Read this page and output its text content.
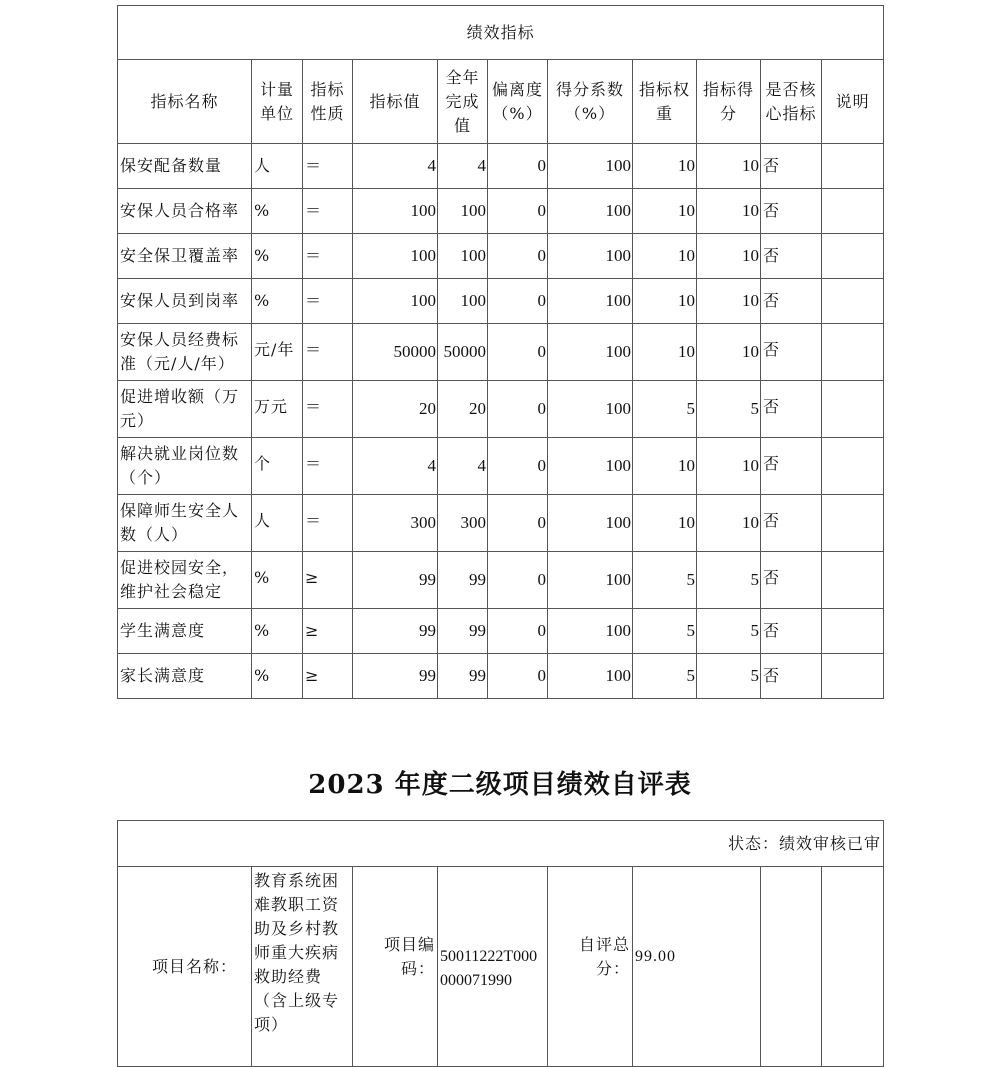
绩效指标										
指标名称	计量单位	指标性质	指标值	全年完成值	偏离度（%）	得分系数（%）	指标权重	指标得分	是否核心指标	说明
保安配备数量	人	＝	4	4	0	100	10	10	否	
安保人员合格率	%	＝	100	100	0	100	10	10	否	
安全保卫覆盖率	%	＝	100	100	0	100	10	10	否	
安保人员到岗率	%	＝	100	100	0	100	10	10	否	
安保人员经费标准（元/人/年）	元/年	＝	50000	50000	0	100	10	10	否	
促进增收额（万元）	万元	＝	20	20	0	100	5	5	否	
解决就业岗位数（个）	个	＝	4	4	0	100	10	10	否	
保障师生安全人数（人）	人	＝	300	300	0	100	10	10	否	
促进校园安全，维护社会稳定	%	≥	99	99	0	100	5	5	否	
学生满意度	%	≥	99	99	0	100	5	5	否	
家长满意度	%	≥	99	99	0	100	5	5	否	
2023 年度二级项目绩效自评表
状态：绩效审核已审
项目名称：	教育系统困难教职工资助及乡村教师重大疾病救助经费（含上级专项）	项目编码：	50011222T000000071990	自评总分：	99.00		
